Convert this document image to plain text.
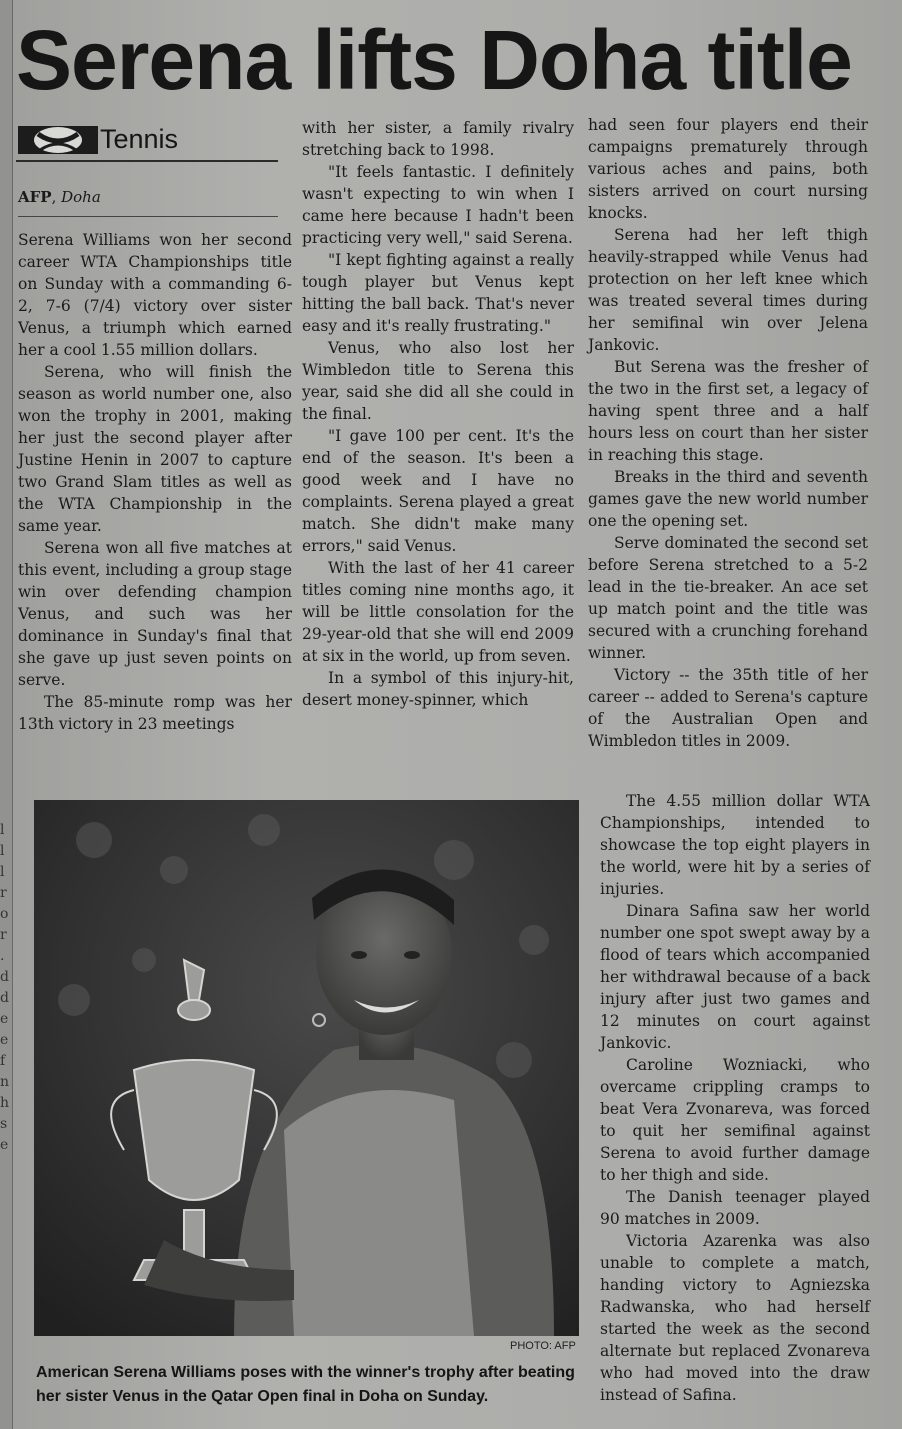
l
l
l
r
o
r
.
d
d
e
e
f
n
h
s
e
Serena lifts Doha title
Tennis
AFP, Doha

Serena Williams won her second career WTA Championships title on Sunday with a commanding 6-2, 7-6 (7/4) victory over sister Venus, a triumph which earned her a cool 1.55 million dollars.

Serena, who will finish the season as world number one, also won the trophy in 2001, making her just the second player after Justine Henin in 2007 to capture two Grand Slam titles as well as the WTA Championship in the same year.

Serena won all five matches at this event, including a group stage win over defending champion Venus, and such was her dominance in Sunday's final that she gave up just seven points on serve.

The 85-minute romp was her 13th victory in 23 meetings

with her sister, a family rivalry stretching back to 1998.

"It feels fantastic. I definitely wasn't expecting to win when I came here because I hadn't been practicing very well," said Serena.

"I kept fighting against a really tough player but Venus kept hitting the ball back. That's never easy and it's really frustrating."

Venus, who also lost her Wimbledon title to Serena this year, said she did all she could in the final.

"I gave 100 per cent. It's the end of the season. It's been a good week and I have no complaints. Serena played a great match. She didn't make many errors," said Venus.

With the last of her 41 career titles coming nine months ago, it will be little consolation for the 29-year-old that she will end 2009 at six in the world, up from seven.

In a symbol of this injury-hit, desert money-spinner, which

had seen four players end their campaigns prematurely through various aches and pains, both sisters arrived on court nursing knocks.

Serena had her left thigh heavily-strapped while Venus had protection on her left knee which was treated several times during her semifinal win over Jelena Jankovic.

But Serena was the fresher of the two in the first set, a legacy of having spent three and a half hours less on court than her sister in reaching this stage.

Breaks in the third and seventh games gave the new world number one the opening set.

Serve dominated the second set before Serena stretched to a 5-2 lead in the tie-breaker. An ace set up match point and the title was secured with a crunching forehand winner.

Victory -- the 35th title of her career -- added to Serena's capture of the Australian Open and Wimbledon titles in 2009.

The 4.55 million dollar WTA Championships, intended to showcase the top eight players in the world, were hit by a series of injuries.

Dinara Safina saw her world number one spot swept away by a flood of tears which accompanied her withdrawal because of a back injury after just two games and 12 minutes on court against Jankovic.

Caroline Wozniacki, who overcame crippling cramps to beat Vera Zvonareva, was forced to quit her semifinal against Serena to avoid further damage to her thigh and side.

The Danish teenager played 90 matches in 2009.

Victoria Azarenka was also unable to complete a match, handing victory to Agniezska Radwanska, who had herself started the week as the second alternate but replaced Zvonareva who had moved into the draw instead of Safina.

PHOTO: AFP
American Serena Williams poses with the winner's trophy after beating her sister Venus in the Qatar Open final in Doha on Sunday.
